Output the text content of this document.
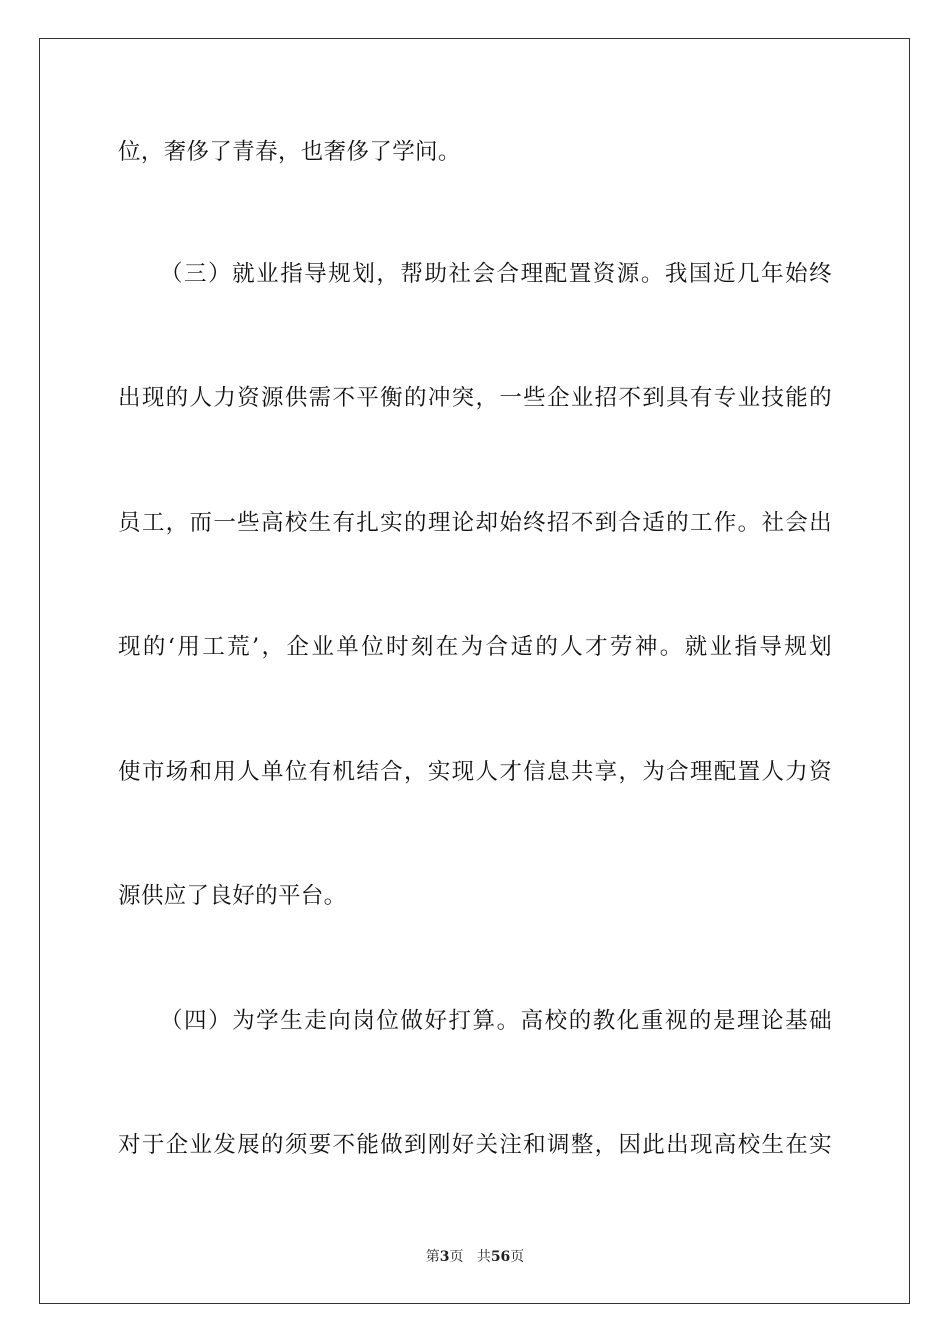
位，奢侈了青春，也奢侈了学问。
（三）就业指导规划，帮助社会合理配置资源。我国近几年始终
出现的人力资源供需不平衡的冲突，一些企业招不到具有专业技能的
员工，而一些高校生有扎实的理论却始终招不到合适的工作。社会出
现的‘用工荒’，企业单位时刻在为合适的人才劳神。就业指导规划
使市场和用人单位有机结合，实现人才信息共享，为合理配置人力资
源供应了良好的平台。
（四）为学生走向岗位做好打算。高校的教化重视的是理论基础
对于企业发展的须要不能做到刚好关注和调整，因此出现高校生在实
第3页 共56页
